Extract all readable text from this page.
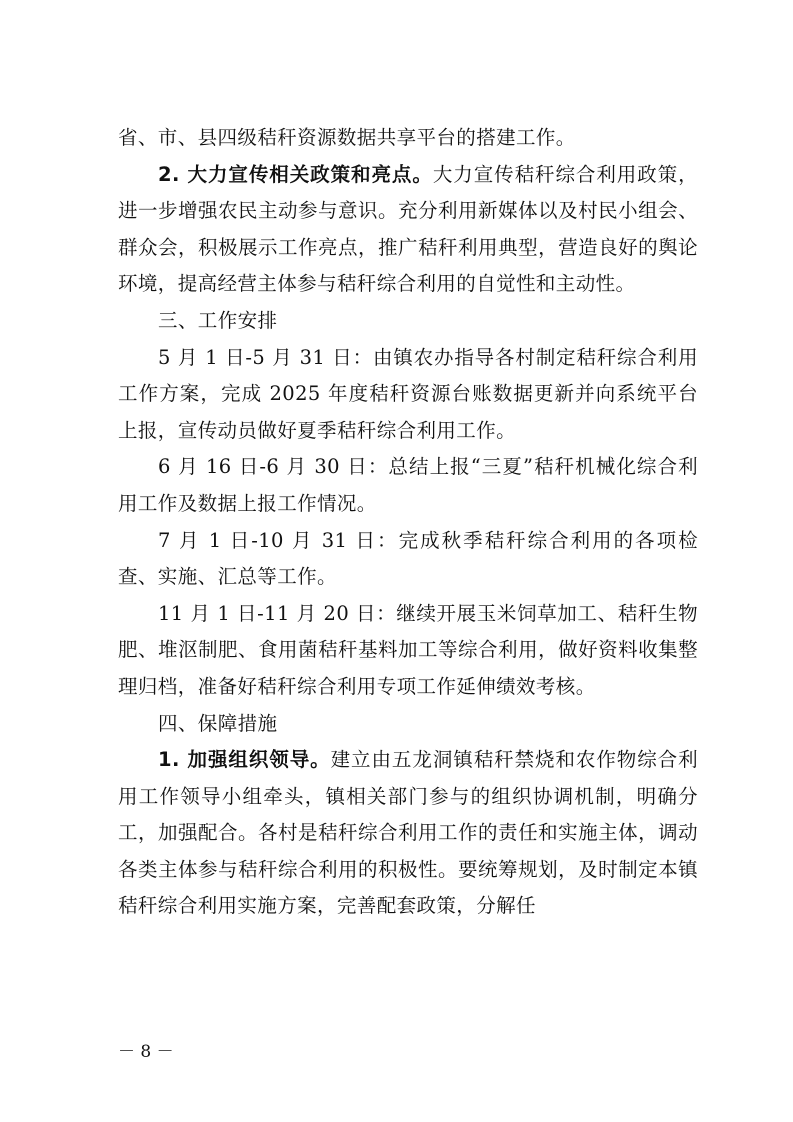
省、市、县四级秸秆资源数据共享平台的搭建工作。

2. 大力宣传相关政策和亮点。大力宣传秸秆综合利用政策，进一步增强农民主动参与意识。充分利用新媒体以及村民小组会、群众会，积极展示工作亮点，推广秸秆利用典型，营造良好的舆论环境，提高经营主体参与秸秆综合利用的自觉性和主动性。

三、工作安排

5 月 1 日-5 月 31 日：由镇农办指导各村制定秸秆综合利用工作方案，完成 2025 年度秸秆资源台账数据更新并向系统平台上报，宣传动员做好夏季秸秆综合利用工作。

6 月 16 日-6 月 30 日：总结上报“三夏”秸秆机械化综合利用工作及数据上报工作情况。

7 月 1 日-10 月 31 日：完成秋季秸秆综合利用的各项检查、实施、汇总等工作。

11 月 1 日-11 月 20 日：继续开展玉米饲草加工、秸秆生物肥、堆沤制肥、食用菌秸秆基料加工等综合利用，做好资料收集整理归档，准备好秸秆综合利用专项工作延伸绩效考核。

四、保障措施

1. 加强组织领导。建立由五龙洞镇秸秆禁烧和农作物综合利用工作领导小组牵头，镇相关部门参与的组织协调机制，明确分工，加强配合。各村是秸秆综合利用工作的责任和实施主体，调动各类主体参与秸秆综合利用的积极性。要统筹规划，及时制定本镇秸秆综合利用实施方案，完善配套政策，分解任

－ 8 －
